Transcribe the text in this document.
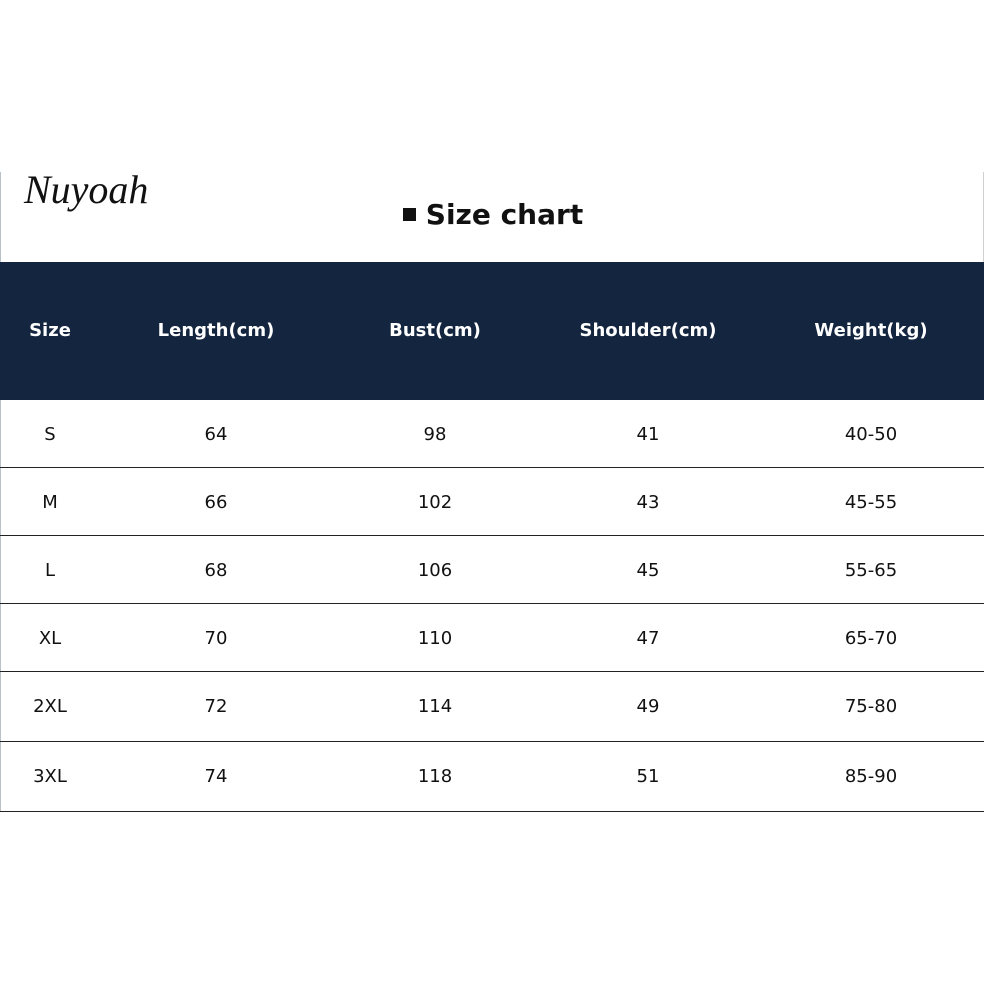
Nuyoah
Size chart
Size	Length(cm)	Bust(cm)	Shoulder(cm)	Weight(kg)
S	64	98	41	40-50
M	66	102	43	45-55
L	68	106	45	55-65
XL	70	110	47	65-70
2XL	72	114	49	75-80
3XL	74	118	51	85-90
